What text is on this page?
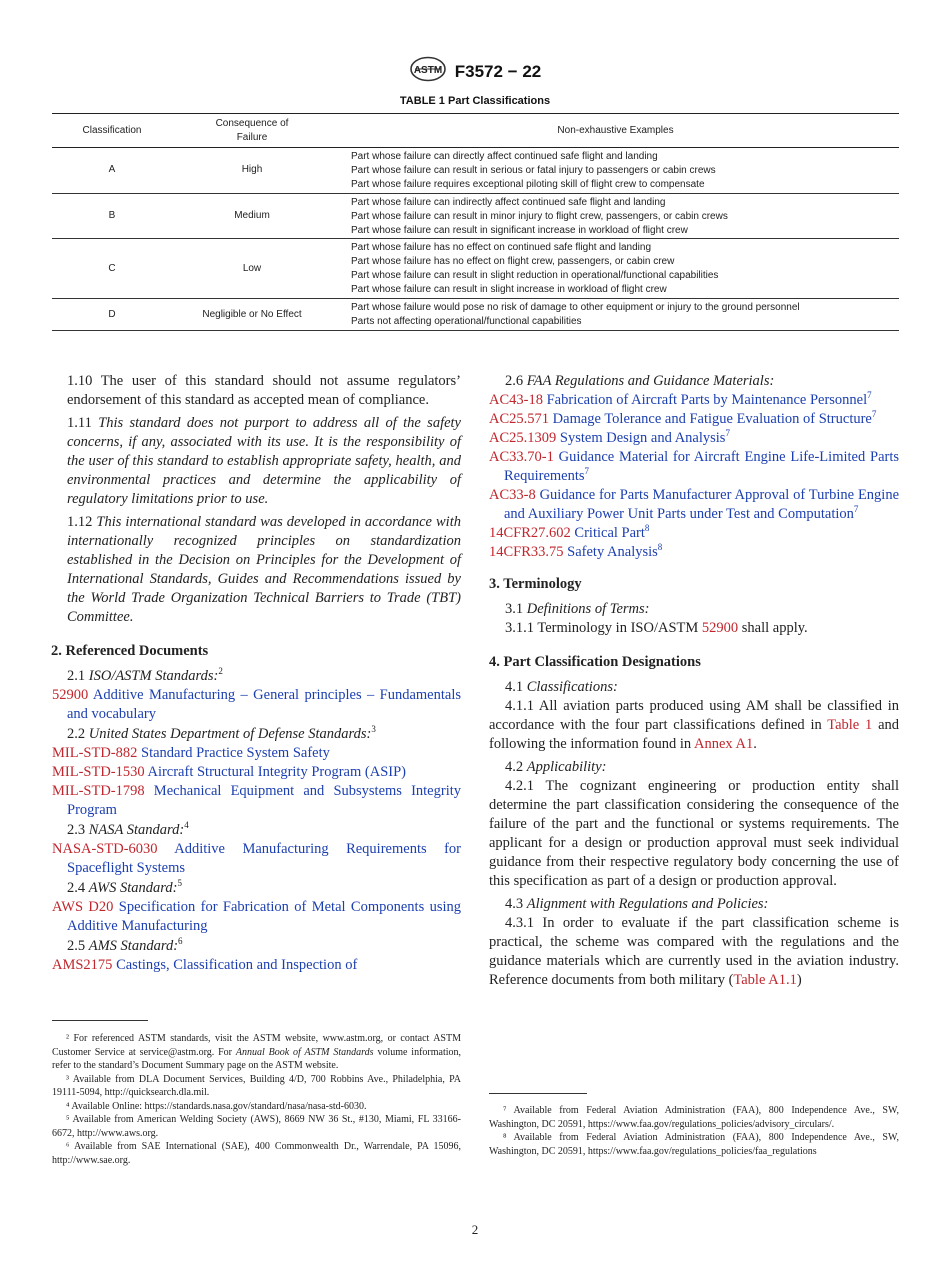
ASTM F3572 − 22
TABLE 1 Part Classifications
Classification	Consequence of Failure	Non-exhaustive Examples
A	High	Part whose failure can directly affect continued safe flight and landing
Part whose failure can result in serious or fatal injury to passengers or cabin crews
Part whose failure requires exceptional piloting skill of flight crew to compensate

B	Medium	Part whose failure can indirectly affect continued safe flight and landing
Part whose failure can result in minor injury to flight crew, passengers, or cabin crews
Part whose failure can result in significant increase in workload of flight crew

C	Low	Part whose failure has no effect on continued safe flight and landing
Part whose failure has no effect on flight crew, passengers, or cabin crew
Part whose failure can result in slight reduction in operational/functional capabilities
Part whose failure can result in slight increase in workload of flight crew

D	Negligible or No Effect	Part whose failure would pose no risk of damage to other equipment or injury to the ground personnel
Parts not affecting operational/functional capabilities

1.10 The user of this standard should not assume regulators’ endorsement of this standard as accepted mean of compliance.

1.11 This standard does not purport to address all of the safety concerns, if any, associated with its use. It is the responsibility of the user of this standard to establish appropriate safety, health, and environmental practices and determine the applicability of regulatory limitations prior to use.

1.12 This international standard was developed in accordance with internationally recognized principles on standardization established in the Decision on Principles for the Development of International Standards, Guides and Recommendations issued by the World Trade Organization Technical Barriers to Trade (TBT) Committee.

2. Referenced Documents

2.1 ISO/ASTM Standards:$^2$

52900 Additive Manufacturing – General principles – Fundamentals and vocabulary

2.2 United States Department of Defense Standards:$^3$

MIL-STD-882 Standard Practice System Safety

MIL-STD-1530 Aircraft Structural Integrity Program (ASIP)

MIL-STD-1798 Mechanical Equipment and Subsystems Integrity Program

2.3 NASA Standard:$^4$

NASA-STD-6030 Additive Manufacturing Requirements for Spaceflight Systems

2.4 AWS Standard:$^5$

AWS D20 Specification for Fabrication of Metal Components using Additive Manufacturing

2.5 AMS Standard:$^6$

AMS2175 Castings, Classification and Inspection of

2.6 FAA Regulations and Guidance Materials:

AC43-18 Fabrication of Aircraft Parts by Maintenance Personnel$^7$

AC25.571 Damage Tolerance and Fatigue Evaluation of Structure$^7$

AC25.1309 System Design and Analysis$^7$

AC33.70-1 Guidance Material for Aircraft Engine Life-Limited Parts Requirements$^7$

AC33-8 Guidance for Parts Manufacturer Approval of Turbine Engine and Auxiliary Power Unit Parts under Test and Computation$^7$

14CFR27.602 Critical Part$^8$

14CFR33.75 Safety Analysis$^8$

3. Terminology

3.1 Definitions of Terms:

3.1.1 Terminology in ISO/ASTM 52900 shall apply.

4. Part Classification Designations

4.1 Classifications:

4.1.1 All aviation parts produced using AM shall be classified in accordance with the four part classifications defined in Table 1 and following the information found in Annex A1.

4.2 Applicability:

4.2.1 The cognizant engineering or production entity shall determine the part classification considering the consequence of the failure of the part and the functional or systems requirements. The applicant for a design or production approval must seek individual guidance from their respective regulatory body concerning the use of this specification as part of a design or production approval.

4.3 Alignment with Regulations and Policies:

4.3.1 In order to evaluate if the part classification scheme is practical, the scheme was compared with the regulations and the guidance materials which are currently used in the aviation industry. Reference documents from both military (Table A1.1)

² For referenced ASTM standards, visit the ASTM website, www.astm.org, or contact ASTM Customer Service at service@astm.org. For Annual Book of ASTM Standards volume information, refer to the standard’s Document Summary page on the ASTM website.

³ Available from DLA Document Services, Building 4/D, 700 Robbins Ave., Philadelphia, PA 19111-5094, http://quicksearch.dla.mil.

⁴ Available Online: https://standards.nasa.gov/standard/nasa/nasa-std-6030.

⁵ Available from American Welding Society (AWS), 8669 NW 36 St., #130, Miami, FL 33166-6672, http://www.aws.org.

⁶ Available from SAE International (SAE), 400 Commonwealth Dr., Warrendale, PA 15096, http://www.sae.org.

⁷ Available from Federal Aviation Administration (FAA), 800 Independence Ave., SW, Washington, DC 20591, https://www.faa.gov/regulations_policies/advisory_circulars/.

⁸ Available from Federal Aviation Administration (FAA), 800 Independence Ave., SW, Washington, DC 20591, https://www.faa.gov/regulations_policies/faa_regulations

2
